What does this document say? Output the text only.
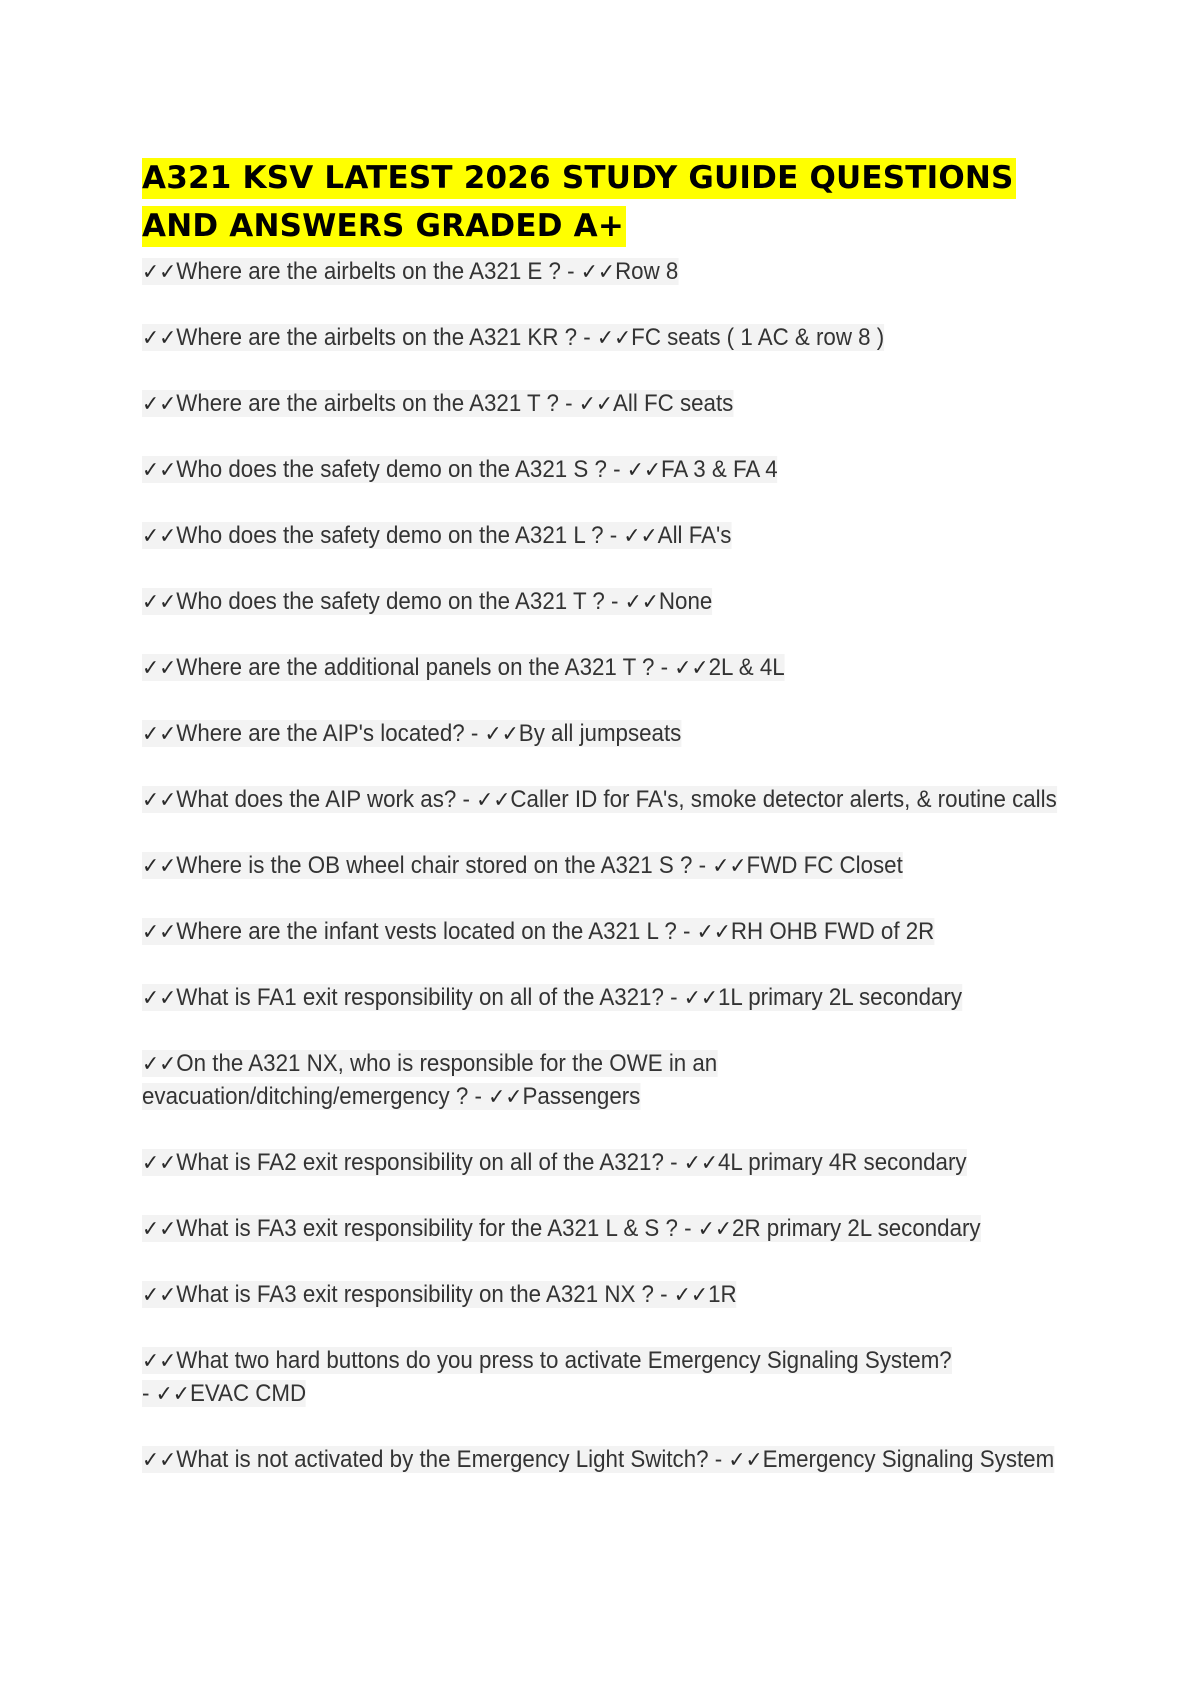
A321 KSV LATEST 2026 STUDY GUIDE QUESTIONS AND ANSWERS GRADED A+

✓✓Where are the airbelts on the A321 E ? - ✓✓Row 8

✓✓Where are the airbelts on the A321 KR ? - ✓✓FC seats ( 1 AC & row 8 )

✓✓Where are the airbelts on the A321 T ? - ✓✓All FC seats

✓✓Who does the safety demo on the A321 S ? - ✓✓FA 3 & FA 4

✓✓Who does the safety demo on the A321 L ? - ✓✓All FA's

✓✓Who does the safety demo on the A321 T ? - ✓✓None

✓✓Where are the additional panels on the A321 T ? - ✓✓2L & 4L

✓✓Where are the AIP's located? - ✓✓By all jumpseats

✓✓What does the AIP work as? - ✓✓Caller ID for FA's, smoke detector alerts, & routine calls

✓✓Where is the OB wheel chair stored on the A321 S ? - ✓✓FWD FC Closet

✓✓Where are the infant vests located on the A321 L ? - ✓✓RH OHB FWD of 2R

✓✓What is FA1 exit responsibility on all of the A321? - ✓✓1L primary 2L secondary

✓✓On the A321 NX, who is responsible for the OWE in an evacuation/ditching/emergency ? - ✓✓Passengers

✓✓What is FA2 exit responsibility on all of the A321? - ✓✓4L primary 4R secondary

✓✓What is FA3 exit responsibility for the A321 L & S ? - ✓✓2R primary 2L secondary

✓✓What is FA3 exit responsibility on the A321 NX ? - ✓✓1R

✓✓What two hard buttons do you press to activate Emergency Signaling System? - ✓✓EVAC CMD

✓✓What is not activated by the Emergency Light Switch? - ✓✓Emergency Signaling System
